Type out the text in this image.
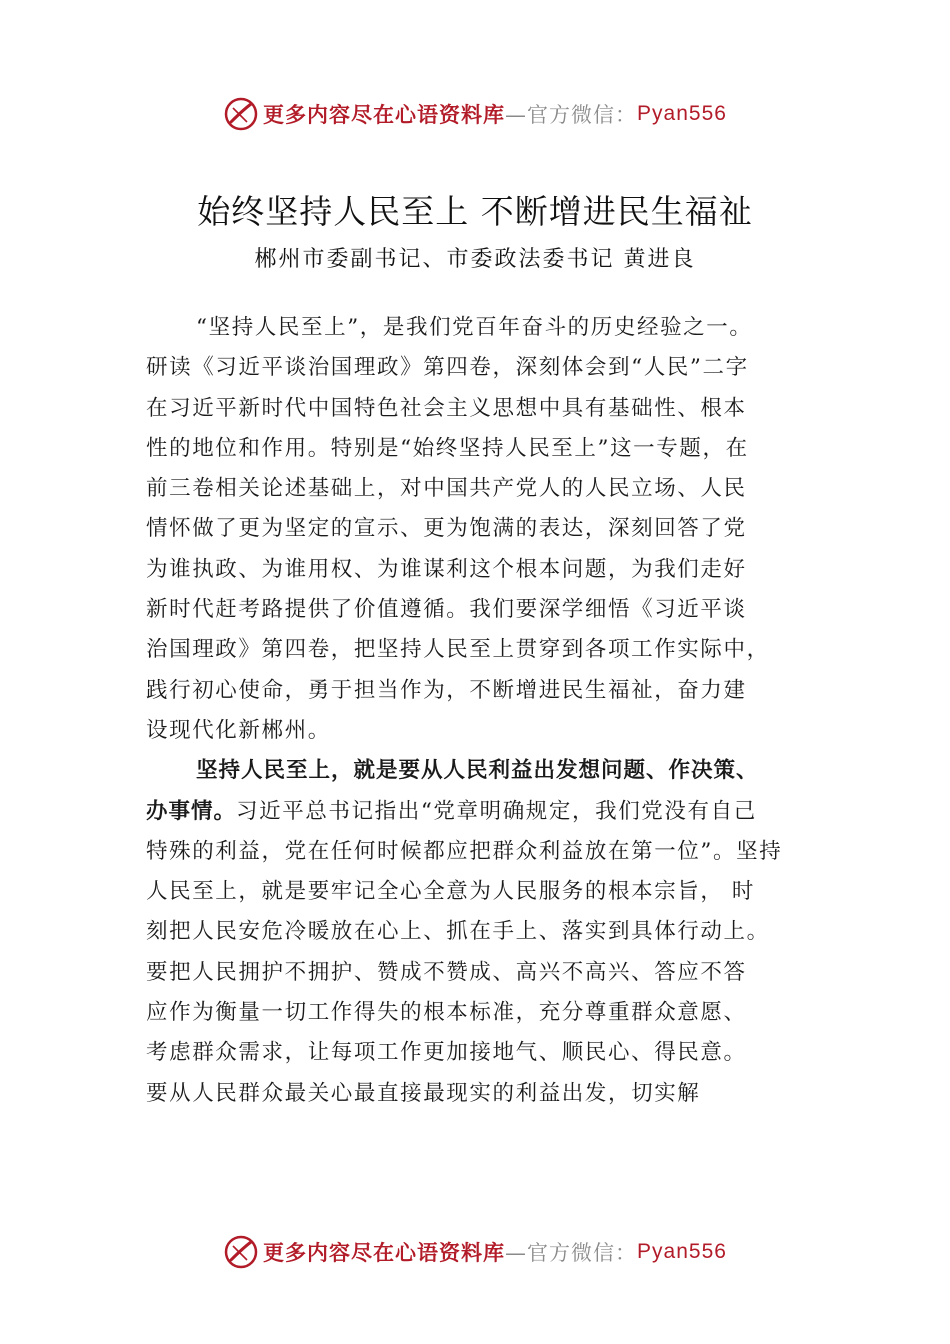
更多内容尽在心语资料库 —官方微信： Pyan556
始终坚持人民至上 不断增进民生福祉
郴州市委副书记、市委政法委书记 黄进良
“坚持人民至上”，是我们党百年奋斗的历史经验之一。
研读《习近平谈治国理政》第四卷，深刻体会到“人民”二字
在习近平新时代中国特色社会主义思想中具有基础性、根本
性的地位和作用。特别是“始终坚持人民至上”这一专题，在
前三卷相关论述基础上，对中国共产党人的人民立场、人民
情怀做了更为坚定的宣示、更为饱满的表达，深刻回答了党
为谁执政、为谁用权、为谁谋利这个根本问题，为我们走好
新时代赶考路提供了价值遵循。我们要深学细悟《习近平谈
治国理政》第四卷，把坚持人民至上贯穿到各项工作实际中，
践行初心使命，勇于担当作为，不断增进民生福祉，奋力建
设现代化新郴州。
坚持人民至上，就是要从人民利益出发想问题、作决策、
办事情。习近平总书记指出“党章明确规定，我们党没有自己
特殊的利益，党在任何时候都应把群众利益放在第一位”。坚持
人民至上，就是要牢记全心全意为人民服务的根本宗旨， 时
刻把人民安危冷暖放在心上、抓在手上、落实到具体行动上。
要把人民拥护不拥护、赞成不赞成、高兴不高兴、答应不答
应作为衡量一切工作得失的根本标准，充分尊重群众意愿、
考虑群众需求，让每项工作更加接地气、顺民心、得民意。
要从人民群众最关心最直接最现实的利益出发，切实解
更多内容尽在心语资料库 —官方微信： Pyan556
